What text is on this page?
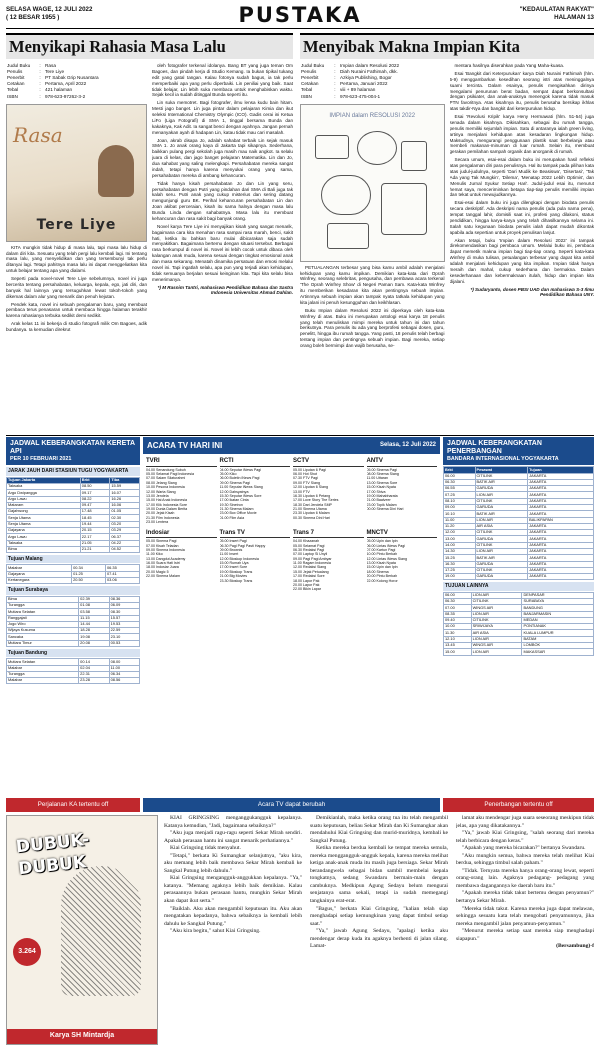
SELASA WAGE, 12 JULI 2022
( 12 BESAR 1955 )	PUSTAKA	"KEDAULATAN RAKYAT"
HALAMAN 13
Menyikapi Rahasia Masa Lalu
Judul Buku	:	Rasa
Penulis	:	Tere Liye
Penerbit	:	PT Sabak Grip Nusantara
Cetakan	:	Pertama, April 2022
Tebal	:	421 halaman
ISBN	:	978-623-97262-3-2
Rasa
Tere Liye

KITA mungkin tidak hidup di masa lalu, tapi masa lalu hidup di dalam diri kita. Sesuatu yang telah pergi lalu kembali lagi. Ini tentang masa lalu, yang menyelidikan dan yang tersembunyi tak perlu ditanyai lagi. Tetapi pahitnya masa lalu ini dapat menggeliatkan kita untuk belajar tentang apa yang dialami.

Seperti pada novel-novel Tere Liye sebelumnya, novel ini juga bercerita tentang persahabatan, keluarga, kepala, ego, jati diri, dan banyak hal lainnya yang tersuguhkan lewat tokoh-tokoh yang dikemas dalam alur yang menarik dan penuh kejutan.

Pendek kata, novel ini sebuah pengalaman baru, yang membuat pembaca terus penasaran untuk membaca hingga halaman terakhir karena rahasianya terbuka sedikit demi sedikit.

Arak kelas 11 ini bekerja di studio fotografi milik Om Bagoes, adik bundanya. Ia kemudian direkrut

oleh fotografer terkenal idolanya. Bang BT yang juga teman Om Bagoes, dan pindah kerja di Studio Kemang. Ia bukan tipikal tukang edit yang gatal tangan. Kalau fotonya sudah bagus, ia tak perlu memperbaiki apa yang perlu diperbaiki. Lin peniliai yang baik. Saat tidak belajar, Lin lebih suka membaca untuk menghabiskan waktu. Sejak kecil ia sudah ditinggal Bunda seperti itu.

Lin suka memotret. Bagi fotografer, ilmu lensa kudu bain hitam. Mesti jago banget. Lin juga pintar dalam pelajaran Kimia dan ikut seleksi International Chemistry Olympic (ICO). Gadis cerai ini Ketua LiFo (Liga Fotografi) di SMA 1, tinggal bersama Bunda dan kakaknya, Kak Adit. Ia sangat benci dengan ayahnya. Jangan pernah menanyakan ayah di hadapan Lin, katau tidak mau cari masalah.

Joan, akrab disapa Jo, adalah sahabat terbaik Lin sejak masuk SMA 1. Jo anak orang kaya di Jakarta tapi sikapnya. Sederhana, baikkan pulang pergi sekolah juga masih mau naik angkot. Ia selalu juara di kelas, dan jago banget pelajaran Matematika. Lin dan Jo, dua sahabat yang saling melengkapi. Persahabatan mereka sangat indah, tetapi hanya karena menyukai orang yang sama, persahabatan mereka di ambang kehancuran.

Tidak hanya kisah persahabatan Jo dan Lin yang seru, persahabatan dengan Putri yang pindahan dari SMA di Bali juga tak kalah seru. Putri anak yang cukup misterius dan sering datang mengunjungi guru BK. Perihal kehancuran persahabatan Lin dan Joan akibat perceraian, kisah itu sama halnya dengan masa lalu Bunda Linda dengan sahabatnya. Masa lalu itu membuat kehancuran dan rasa sakit bagi banyak orang.

Novel karya Tere Liye ini menyajikan kisah yang sangat menarik, bagaimana cara kita menahan rasa sampai rasa marah, benci, sakit hati, ketika itu bahkan baru mulai dibicarakan saja sudah menyakitkan. Bagaimana bertemu dengan situasi tersebut. Berbagai rasa berkumpul di novel ini. Novel ini lebih cocok untuk dibaca oleh kalangan anak muda, karena sesuai dengan tingkat emosional anak dan masa sekarang. Menatah dinamika persatuan dan emosi melalui novel ini. Tapi ingatlah selalu, apa pun yang terjadi akan kehidupan, tidak semuanya berjalan sesuai keinginan kita. Tapi kita selalu bisa menerimanya.

*) M Rasnim Tantri, mahasiswa Pendidikan Bahasa dan Sastra Indonesia Universitas Ahmad Dahlan.

Menyibak Makna Impian Kita
Judul Buku	:	Impian dalam Resolusi 2022
Penulis	:	Diah Nuraini Fathimah, dkk.
Penerbit	:	Azkiya Publishing, Bogor
Cetakan	:	Pertama, Januari 2022
Tebal	:	viii + 89 halaman
ISBN	:	978-623-475-004-1
IMPIAN dalam RESOLUSI 2022

PETUALANGAN terbesar yang bisa kamu ambil adalah menjalani kehidupan yang kamu impikan. Demikian kata-kata dari Oprah Winfrey, seorang selebritas, pengusaha, dan pembawa acara terkenal 'The Oprah Winfrey Show' di Negeri Paman Sam. Kata-kata Winfrey itu memberikan kesadaran kita akan pentingnya sebuah impian. Artinnnya sebuah impian akan tampak nyata tatkala kehidupan yang kita jalani ini penuh kesungguhan dan keikhlasan.

Buku Impian dalam Resolusi 2022 ini diperkaya oleh kata-kata Winfrey di atas. Buku ini merupakan antologi esai karya 18 penulis yang telah menuliskan mimpi mereka untuk tahun ini dan tahun berikutnya. Para penulis itu ada yang berprofesi sebagai dosen, guru, penelitt, hingga ibu rumah tangga. Yang pasti, 18 penulis telah berbagi tentang impian dan pentingnya sebuah impian. Bagi mereka, setiap orang boleh bermimpi dan wajib berusaha, se-

mentara hasilnya diserahkan pada Yang Maha-kuasa.

Esai 'Bangkit dari Keterpurukan' karya Diah Nuraini Fathimah (hlm. 5-9) menggambarkan kesedihan seorang istri atas meninggalnya suami tercinta. Dalam esainya, penulis mengisahkan dirinya mengalami penurunan berat badan, sempat dapat berkonsultasi dengan psikiater, dan anak-anaknya menengok karena tidak masuk PTN favoritnya. Atas kisahnya itu, penulis berusaha bersikap ikhlas atas takdir-Nya dan bangkit dari keterpurukan hidup.

Esai 'Revolusi Kripik' karya Heny Hermawati (hlm. 51-54) juga senada dalam kisahnya. Dikisahkan, sebagai ibu rumah tangga, penulis memiliki sejumlah impian. Satu di antaranya ialah green living, artinya menjalani kehidupan atas kesadaran lingkungan hidup. Maksudnya, mengurangi penggunaan plastik saat berbelanja atau membeli makanan-minuman di luar rumah. Selain itu, membuat gerakan pemilahan sampah organik dan anorganik di rumah.

Secara umum, esai-esai dalam buku ini merupakan hasil refleksi atas pengalaman diri para penulisnya. Hal itu tampak pada pilihan kata atas judul-judulnya, seperti 'Dari Mudik ke Beasiswa', 'Disertasi', 'Tak Ada yang Tak Mungkin', 'Dilema', 'Menatap 2022 Lebih Optimis', dan 'Menulis Jurnal Syukur Setiap Hari'. Judul-judul esai itu, menurut hemat saya, menceriminkan betapa tiap-tiap penulis memiliki impian dan tekat untuk mewujudkannya.

Esai-esai dalam buku ini juga dilengkapi dengan biodata penulis secara deskriptif. Ada deskripsi nama penulis (ada pula nama pena), tempat tanggal lahir, domisili saat ini, profesi yang dilakoni, status pendidikan, hingga karya-karya yang telah dihasilkannya selama ini. Salah satu kegunaan biodata penulis ialah dapat mudah dikontak apabila ada sepertian untuk proyek penulisan lanjut.

Akan tetapi, buku 'Impian dalam Resolusi 2022' ini tampak direkomendasikan bagi pembaca umum. Melalui buku ini, pembaca dapat memetik makna impian bagi tiap-tiap orang. Seperti kata-kata Winfrey di muka tulisan, petualangan terbesar yang dapat kita ambil adalah menjalani kehidupan yang kita impikan. Impian tidak hanya meraih dan mahal, cukup sederhana dan bermakna. Dalam kesederhanaan dan kebermaknaan itulah, hidup dan impian kita dijalani.

*) Sudaryanto, dosen PBSI UAD dan mahasiswa S-3 Ilmu Pendidikan Bahasa UNY.

JADWAL KEBERANGKATAN KERETA API
PER 10 FEBRUARI 2021
JARAK JAUH DARI STASIUN TUGU YOGYAKARTA
Tujuan Jakarta	Brkt	Tiba
Taksaka	08.50	15.59
Argo Dwipangga	09.17	16.07
Argo Lawu	08.22	16.26
Mataram	09.47	16.06
Gajahwong	17.48	01.05
Senja Utama	18.45	02.30
Senja Utama	19.44	03.20
Gajayana	20.15	03.29
Argo Lawu	22.17	06.37
Taksaka	21.05	04.22
Bima	21.21	04.52
Tujuan Malang
Malabar	00.34	06.35
Gajayana	01.25	07.41
Kertanegara	20.50	03.06
Tujuan Surabaya
Bima	02.39	08.36
Turangga	01.08	06.09
Mutiara Selatan	03.58	08.30
Ranggajati	11.15	15.57
Jogo Wiro	14.44	19.53
Wijaya Kusuma	18.28	22.59
Sancaka	19.08	23.10
Mutiara Timur	20.08	00.53
Tujuan Bandung
Mutiara Selatan	00.14	08.00
Malabar	02.04	11.00
Turangga	22.31	06.34
Malabar	23.28	08.56
Perjalanan KA tertentu off
ACARA TV HARI INI	Selasa, 12 Juli 2022
TVRI
04.00 Senandung Subuh
05.00 Selamat Pagi Indonesia
07.00 Salam Silaturahmi
08.00 Jelang Siang
10.00 Pesona Indonesia
12.00 Warta Siang
13.00 Jendela
15.00 Hai Anak Indonesia
17.00 Klik Indonesia Sore
19.00 Dunia Dalam Berita
20.00 Jejak Kisah
21.30 Film Indonesia
23.00 Lentera
RCTI
04.00 Seputar iNews Pagi
05.00 Kiko
06.00 Buletin iNews Pagi
09.00 Sinema Pagi
11.00 Seputar iNews Siang
12.00 Dahsyatnya
15.30 Seputar iNews Sore
17.00 Ikatan Cinta
19.30 Sinetron
21.30 Sinema Malam
23.00 Box Office Movie
01.00 Film Asia
SCTV
05.00 Liputan 6 Pagi
06.00 Hot Shot
07.30 FTV Pagi
09.00 FTV Siang
12.00 Liputan 6 Siang
13.00 FTV
16.30 Liputan 6 Petang
17.00 Love Story The Series
18.30 Dari Jendela SMP
21.00 Sinema Utama
23.30 Liputan 6 Malam
00.30 Sinema Dini Hari
ANTV
05.00 Sinema Pagi
08.00 Sinema Siang
11.00 Uttaran
13.00 Sinema Sore
15.00 Kisah Nyata
17.00 Shiva
19.00 Mahabharata
21.00 Baalveer
23.00 Topik Malam
00.00 Sinema Dini Hari
Indosiar
05.00 Sinema Pagi
07.00 Kisah Teladan
09.00 Sinema Indonesia
11.00 Kiko
13.00 Dangdut Academy
16.00 Suara Hati Istri
18.00 Indosiar Juara
20.00 Magic 5
22.00 Sinema Malam
Trans TV
05.00 Insert Pagi
06.30 Pagi Pagi Pasti Happy
09.00 Brownis
11.00 Insert
12.00 Bioskop Indonesia
15.00 Rumah Uya
17.00 Insert Sore
19.00 Bioskop Trans
21.00 Big Movies
23.30 Bioskop Trans
Trans 7
04.00 Khazanah
05.00 Selamat Pagi
06.30 Redaksi Pagi
07.00 Laptop Si Unyil
09.00 Pagi Pagi Ambyar
11.00 Ragam Indonesia
12.00 Redaksi Siang
15.00 Jejak Petualang
17.00 Redaksi Sore
18.00 Lapor Pak
20.00 Lapor Pak
22.00 Bikin Lapar
MNCTV
05.00 Upin dan Ipin
06.00 Lintas iNews Pagi
07.00 Kartun Pagi
10.00 Pintu Berkah
12.00 Lintas iNews Siang
13.00 Kisah Nyata
15.00 Upin dan Ipin
18.00 Sinema
20.00 Pintu Berkah
22.00 Kolong Horor
Acara TV dapat berubah
JADWAL KEBERANGKATAN PENERBANGAN
BANDARA INTERNASIONAL YOGYAKARTA
Brkt	Pesawat	Tujuan
06.00	CITILINK	JAKARTA
06.30	BATIK AIR	JAKARTA
06.55	GARUDA	JAKARTA
07.25	LION AIR	JAKARTA
08.10	CITILINK	JAKARTA
09.00	GARUDA	JAKARTA
10.10	BATIK AIR	JAKARTA
11.00	LION AIR	BALIKPAPAN
11.20	AIR ASIA	JAKARTA
12.00	CITILINK	JAKARTA
13.00	GARUDA	JAKARTA
14.00	CITILINK	JAKARTA
14.30	LION AIR	JAKARTA
15.25	BATIK AIR	JAKARTA
16.30	GARUDA	JAKARTA
17.25	CITILINK	JAKARTA
19.00	GARUDA	JAKARTA
TUJUAN LAINNYA
06.00	LION AIR	DENPASAR
06.30	CITILINK	SURABAYA
07.00	WINGS AIR	BANDUNG
08.35	LION AIR	BANJARMASIN
09.40	CITILINK	MEDAN
10.00	SRIWIJAYA	PONTIANAK
11.30	AIR ASIA	KUALA LUMPUR
12.10	LION AIR	BATAM
13.45	WINGS AIR	LOMBOK
15.00	LION AIR	MAKASSAR
Penerbangan tertentu off
DUBUK-DUBUK
3.264
Karya SH Mintardja

KIAI GRINGSING menganggukangguk kepalanya. Katanya kemudian, "Jadi, bagaimana sebaiknya?"

"Aku juga menjadi ragu-ragu seperti Sekar Mirah sendiri. Apakah perasaan hantu ini sangat menarik perhatiannya."

Kiai Gringsing tidak menyahut.

"Tetapi," berkata Ki Sumangkar selanjutnya, "aku kira, aku memang lebih baik membawa Sekar Mirah kembali ke Sangkal Putung lebih dahulu."

Kiai Gringsing mengangguk-anggukkan kepalanya. "Ya," katanya. "Memang agaknya lebih baik demikian. Kalau perasaannya bukan perasaan hantu, mungkin Sekar Mirah akan dapat ikut serta."

"Baiklah. Aku akan mengambil keputusan itu. Aku akan mengatakan kepadanya, bahwa sebaiknya ia kembali lebih dahulu ke Sangkal Putung."

"Aku kira begitu," sahut Kiai Gringsing.

Demikianlah, maka ketika orang tua itu telah mengambil suatu keputusan, beliau Sekar Mirah dan Ki Sumangkar akan mendahului Kiai Gringsing dan murid-muridnya, kembali ke Sangkal Putung.

Ketika mereka berdua kembali ke tempat mereka semula, mereka menggangguk-angguk kepala, karena mereka melihat ketiga anak-anak muda itu masih juga bersiaga. Sekar Mirah berandangwela sebagai bidan sambil membelai kepala tongkatnya, sedang Swandaru bermain-main dengan cambuknya. Medkipun Agung Sedayu belum mengurai senjatanya sama sekali, tetapi ia sudah memegangi tangkainya erat-erat.

"Bagus," berkata Kiai Gringsing, "kalian telah siap menghadapi setiap kemungkinan yang dapat timbul setiap saat."

"Ya," jawab Agung Sedayu, "apalagi ketika aku mendengar derap kuda itu agaknya berhenti di jalan silang. Lamat-

lamat aku mendengar juga suara seseorang meskipun tidak jelas, apa yang dikatakannya."

"Ya," jawab Kiai Gringsing, "salah seorang dari mereka telah berbicara dengan keras."

"Apakah yang mereka bicarakan?" bertanya Swandaru.

"Aku mungkin semua, bahwa mereka telah melihat Kiai berdua, sehingga timbul salah paham."

"Tidak. Ternyata mereka hanya orang-orang lewat, seperti orang-orang lain. Agaknya pedagang- pedagang yang membawa dagangannya ke daerah baru itu."

"Apakah mereka tidak takut bertemu dengan penyamun?" bertanya Sekar Mirah.

"Mereka tidak takut. Karena mereka juga dapat melawan, sehingga sesuatu kata telah mengobati penyamunnya, jika mereka mengambil jalan penyamun-penyamun."

"Menurut mereka setiap saat mereka siap menghadapi siapapun."

(Bersambung)-f
